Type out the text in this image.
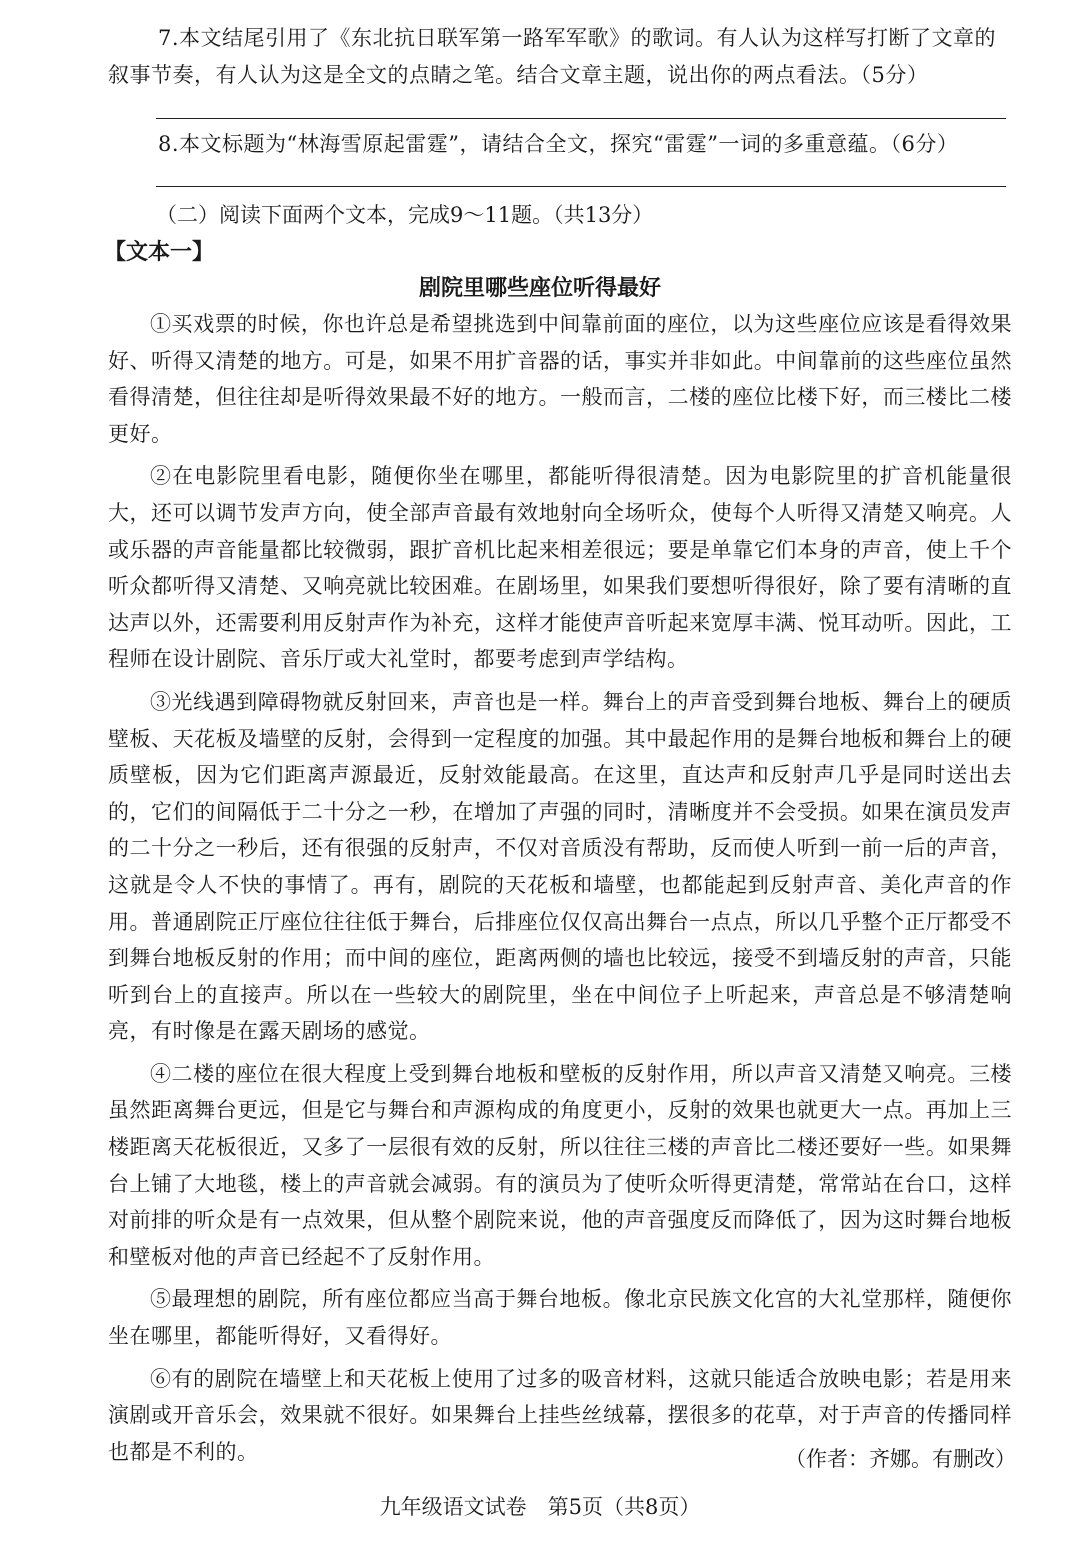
7.本文结尾引用了《东北抗日联军第一路军军歌》的歌词。有人认为这样写打断了文章的叙事节奏，有人认为这是全文的点睛之笔。结合文章主题，说出你的两点看法。（5分）

8.本文标题为“林海雪原起雷霆”，请结合全文，探究“雷霆”一词的多重意蕴。（6分）

（二）阅读下面两个文本，完成9～11题。（共13分）

【文本一】

剧院里哪些座位听得最好

①买戏票的时候，你也许总是希望挑选到中间靠前面的座位，以为这些座位应该是看得效果好、听得又清楚的地方。可是，如果不用扩音器的话，事实并非如此。中间靠前的这些座位虽然看得清楚，但往往却是听得效果最不好的地方。一般而言，二楼的座位比楼下好，而三楼比二楼更好。

②在电影院里看电影，随便你坐在哪里，都能听得很清楚。因为电影院里的扩音机能量很大，还可以调节发声方向，使全部声音最有效地射向全场听众，使每个人听得又清楚又响亮。人或乐器的声音能量都比较微弱，跟扩音机比起来相差很远；要是单靠它们本身的声音，使上千个听众都听得又清楚、又响亮就比较困难。在剧场里，如果我们要想听得很好，除了要有清晰的直达声以外，还需要利用反射声作为补充，这样才能使声音听起来宽厚丰满、悦耳动听。因此，工程师在设计剧院、音乐厅或大礼堂时，都要考虑到声学结构。

③光线遇到障碍物就反射回来，声音也是一样。舞台上的声音受到舞台地板、舞台上的硬质壁板、天花板及墙壁的反射，会得到一定程度的加强。其中最起作用的是舞台地板和舞台上的硬质壁板，因为它们距离声源最近，反射效能最高。在这里，直达声和反射声几乎是同时送出去的，它们的间隔低于二十分之一秒，在增加了声强的同时，清晰度并不会受损。如果在演员发声的二十分之一秒后，还有很强的反射声，不仅对音质没有帮助，反而使人听到一前一后的声音，这就是令人不快的事情了。再有，剧院的天花板和墙壁，也都能起到反射声音、美化声音的作用。普通剧院正厅座位往往低于舞台，后排座位仅仅高出舞台一点点，所以几乎整个正厅都受不到舞台地板反射的作用；而中间的座位，距离两侧的墙也比较远，接受不到墙反射的声音，只能听到台上的直接声。所以在一些较大的剧院里，坐在中间位子上听起来，声音总是不够清楚响亮，有时像是在露天剧场的感觉。

④二楼的座位在很大程度上受到舞台地板和壁板的反射作用，所以声音又清楚又响亮。三楼虽然距离舞台更远，但是它与舞台和声源构成的角度更小，反射的效果也就更大一点。再加上三楼距离天花板很近，又多了一层很有效的反射，所以往往三楼的声音比二楼还要好一些。如果舞台上铺了大地毯，楼上的声音就会减弱。有的演员为了使听众听得更清楚，常常站在台口，这样对前排的听众是有一点效果，但从整个剧院来说，他的声音强度反而降低了，因为这时舞台地板和壁板对他的声音已经起不了反射作用。

⑤最理想的剧院，所有座位都应当高于舞台地板。像北京民族文化宫的大礼堂那样，随便你坐在哪里，都能听得好，又看得好。

⑥有的剧院在墙壁上和天花板上使用了过多的吸音材料，这就只能适合放映电影；若是用来演剧或开音乐会，效果就不很好。如果舞台上挂些丝绒幕，摆很多的花草，对于声音的传播同样也都是不利的。	（作者：齐娜。有删改）

九年级语文试卷　第5页（共8页）
